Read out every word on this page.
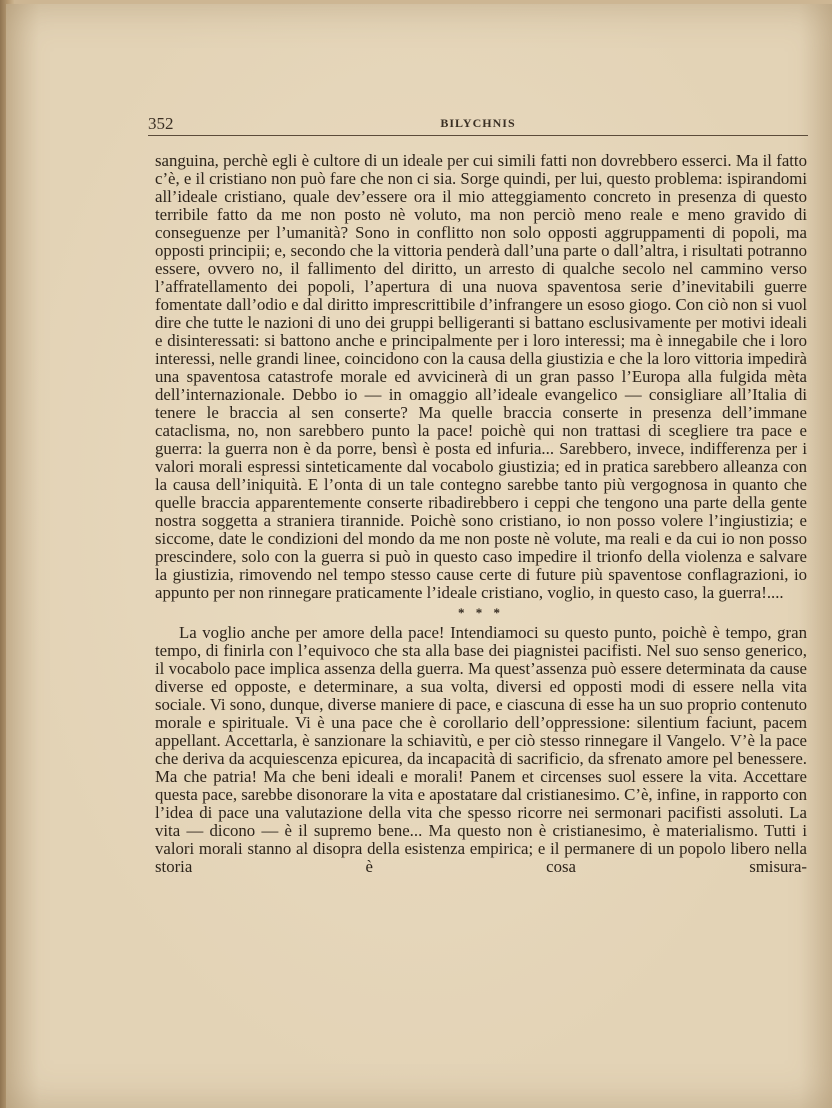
352	BILYCHNIS

sanguina, perchè egli è cultore di un ideale per cui simili fatti non dovrebbero esserci. Ma il fatto c’è, e il cristiano non può fare che non ci sia. Sorge quindi, per lui, questo problema: ispirandomi all’ideale cristiano, quale dev’essere ora il mio atteggiamento concreto in presenza di questo terribile fatto da me non posto nè voluto, ma non perciò meno reale e meno gravido di conseguenze per l’umanità? Sono in conflitto non solo opposti aggruppamenti di popoli, ma opposti principii; e, secondo che la vittoria penderà dall’una parte o dall’altra, i risultati potranno essere, ovvero no, il fallimento del diritto, un arresto di qualche secolo nel cammino verso l’affratellamento dei popoli, l’apertura di una nuova spaventosa serie d’inevitabili guerre fomentate dall’odio e dal diritto imprescrittibile d’infrangere un esoso giogo. Con ciò non si vuol dire che tutte le nazioni di uno dei gruppi belligeranti si battano esclusivamente per motivi ideali e disinteressati: si battono anche e principalmente per i loro interessi; ma è innegabile che i loro interessi, nelle grandi linee, coincidono con la causa della giustizia e che la loro vittoria impedirà una spaventosa catastrofe morale ed avvicinerà di un gran passo l’Europa alla fulgida mèta dell’internazionale. Debbo io — in omaggio all’ideale evangelico — consigliare all’Italia di tenere le braccia al sen conserte? Ma quelle braccia conserte in presenza dell’immane cataclisma, no, non sarebbero punto la pace! poichè qui non trattasi di scegliere tra pace e guerra: la guerra non è da porre, bensì è posta ed infuria... Sarebbero, invece, indifferenza per i valori morali espressi sinteticamente dal vocabolo giustizia; ed in pratica sarebbero alleanza con la causa dell’iniquità. E l’onta di un tale contegno sarebbe tanto più vergognosa in quanto che quelle braccia apparentemente conserte ribadirebbero i ceppi che tengono una parte della gente nostra soggetta a straniera tirannide. Poichè sono cristiano, io non posso volere l’ingiustizia; e siccome, date le condizioni del mondo da me non poste nè volute, ma reali e da cui io non posso prescindere, solo con la guerra si può in questo caso impedire il trionfo della violenza e salvare la giustizia, rimovendo nel tempo stesso cause certe di future più spaventose conflagrazioni, io appunto per non rinnegare praticamente l’ideale cristiano, voglio, in questo caso, la guerra!....

* * *

La voglio anche per amore della pace! Intendiamoci su questo punto, poichè è tempo, gran tempo, di finirla con l’equivoco che sta alla base dei piagnistei pacifisti. Nel suo senso generico, il vocabolo pace implica assenza della guerra. Ma quest’assenza può essere determinata da cause diverse ed opposte, e determinare, a sua volta, diversi ed opposti modi di essere nella vita sociale. Vi sono, dunque, diverse maniere di pace, e ciascuna di esse ha un suo proprio contenuto morale e spirituale. Vi è una pace che è corollario dell’oppressione: silentium faciunt, pacem appellant. Accettarla, è sanzionare la schiavitù, e per ciò stesso rinnegare il Vangelo. V’è la pace che deriva da acquiescenza epicurea, da incapacità di sacrificio, da sfrenato amore pel benessere. Ma che patria! Ma che beni ideali e morali! Panem et circenses suol essere la vita. Accettare questa pace, sarebbe disonorare la vita e apostatare dal cristianesimo. C’è, infine, in rapporto con l’idea di pace una valutazione della vita che spesso ricorre nei sermonari pacifisti assoluti. La vita — dicono — è il supremo bene... Ma questo non è cristianesimo, è materialismo. Tutti i valori morali stanno al disopra della esistenza empirica; e il permanere di un popolo libero nella storia è cosa smisura-
